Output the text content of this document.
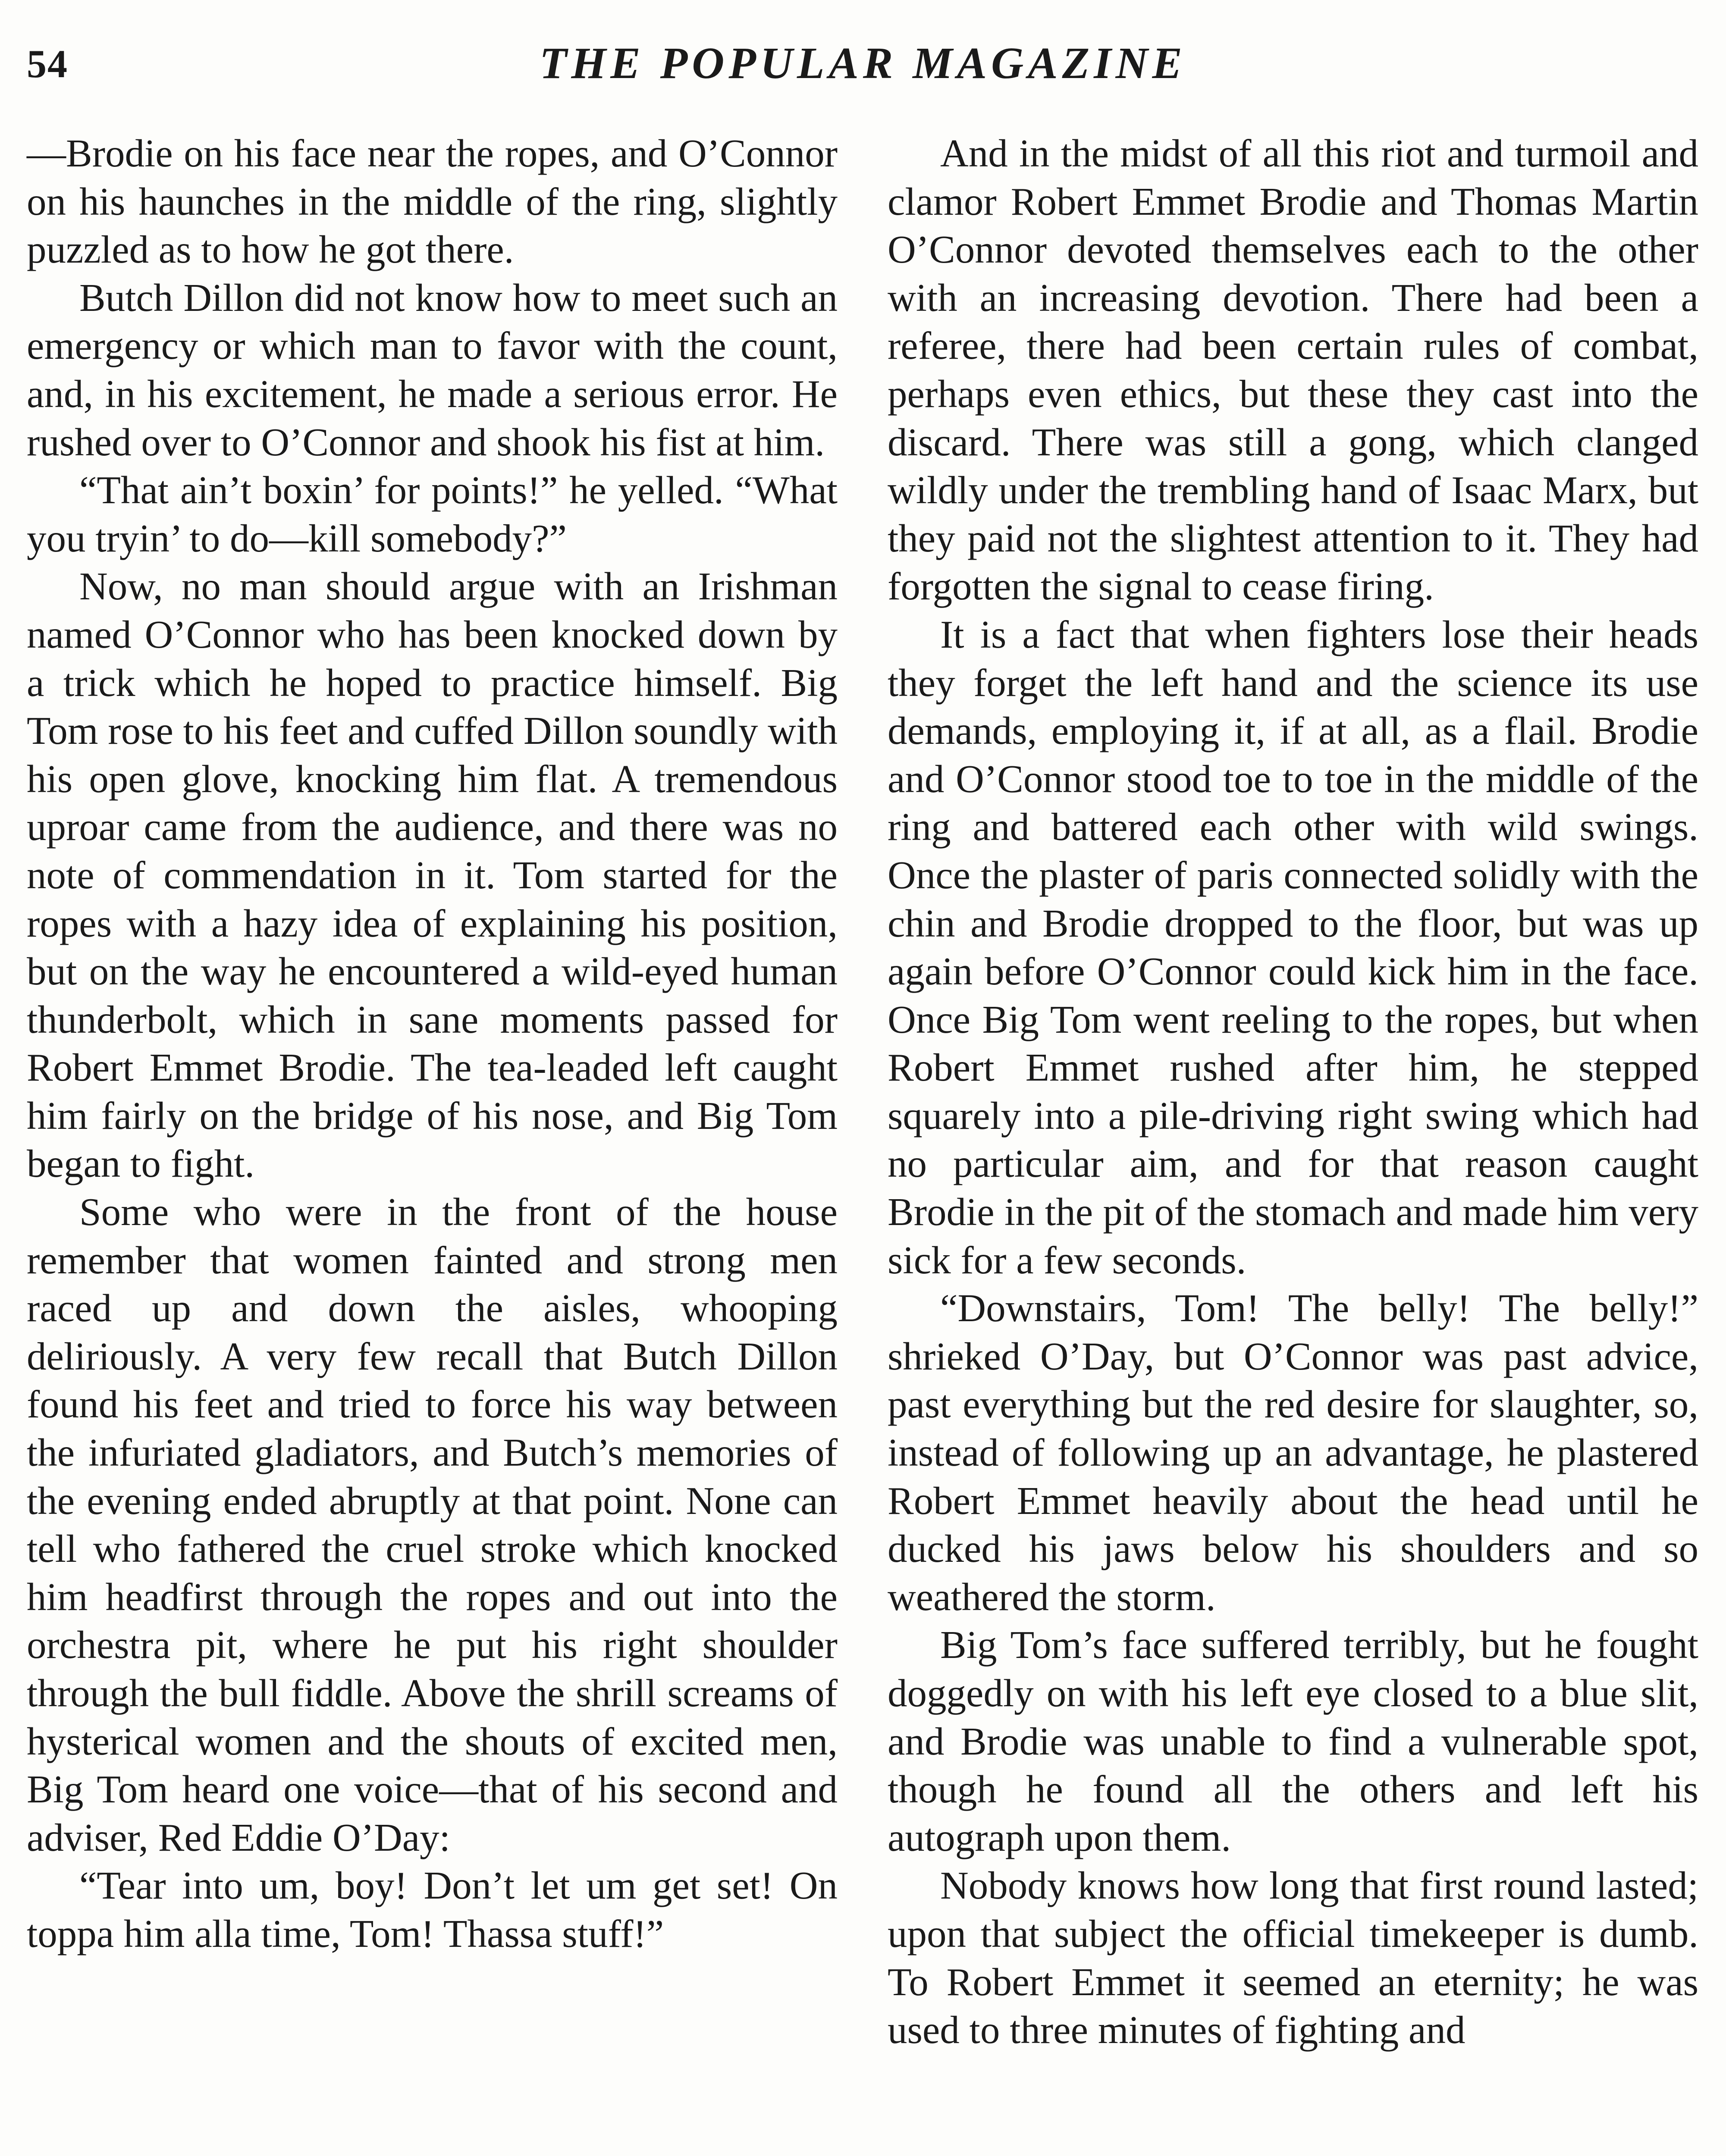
54	THE POPULAR MAGAZINE

—Brodie on his face near the ropes, and O’Connor on his haunches in the middle of the ring, slightly puzzled as to how he got there.

Butch Dillon did not know how to meet such an emergency or which man to favor with the count, and, in his excitement, he made a serious error. He rushed over to O’Connor and shook his fist at him.

“That ain’t boxin’ for points!” he yelled. “What you tryin’ to do—kill somebody?”

Now, no man should argue with an Irishman named O’Connor who has been knocked down by a trick which he hoped to practice himself. Big Tom rose to his feet and cuffed Dillon soundly with his open glove, knocking him flat. A tremendous uproar came from the audience, and there was no note of commendation in it. Tom started for the ropes with a hazy idea of explaining his position, but on the way he encountered a wild-eyed human thunderbolt, which in sane moments passed for Robert Emmet Brodie. The tea-leaded left caught him fairly on the bridge of his nose, and Big Tom began to fight.

Some who were in the front of the house remember that women fainted and strong men raced up and down the aisles, whooping deliriously. A very few recall that Butch Dillon found his feet and tried to force his way between the infuriated gladiators, and Butch’s memories of the evening ended abruptly at that point. None can tell who fathered the cruel stroke which knocked him headfirst through the ropes and out into the orchestra pit, where he put his right shoulder through the bull fiddle. Above the shrill screams of hysterical women and the shouts of excited men, Big Tom heard one voice—that of his second and adviser, Red Eddie O’Day:

“Tear into um, boy! Don’t let um get set! On toppa him alla time, Tom! Thassa stuff!”

And in the midst of all this riot and turmoil and clamor Robert Emmet Brodie and Thomas Martin O’Connor devoted themselves each to the other with an increasing devotion. There had been a referee, there had been certain rules of combat, perhaps even ethics, but these they cast into the discard. There was still a gong, which clanged wildly under the trembling hand of Isaac Marx, but they paid not the slightest attention to it. They had forgotten the signal to cease firing.

It is a fact that when fighters lose their heads they forget the left hand and the science its use demands, employing it, if at all, as a flail. Brodie and O’Connor stood toe to toe in the middle of the ring and battered each other with wild swings. Once the plaster of paris connected solidly with the chin and Brodie dropped to the floor, but was up again before O’Connor could kick him in the face. Once Big Tom went reeling to the ropes, but when Robert Emmet rushed after him, he stepped squarely into a pile-driving right swing which had no particular aim, and for that reason caught Brodie in the pit of the stomach and made him very sick for a few seconds.

“Downstairs, Tom! The belly! The belly!” shrieked O’Day, but O’Connor was past advice, past everything but the red desire for slaughter, so, instead of following up an advantage, he plastered Robert Emmet heavily about the head until he ducked his jaws below his shoulders and so weathered the storm.

Big Tom’s face suffered terribly, but he fought doggedly on with his left eye closed to a blue slit, and Brodie was unable to find a vulnerable spot, though he found all the others and left his autograph upon them.

Nobody knows how long that first round lasted; upon that subject the official timekeeper is dumb. To Robert Emmet it seemed an eternity; he was used to three minutes of fighting and
